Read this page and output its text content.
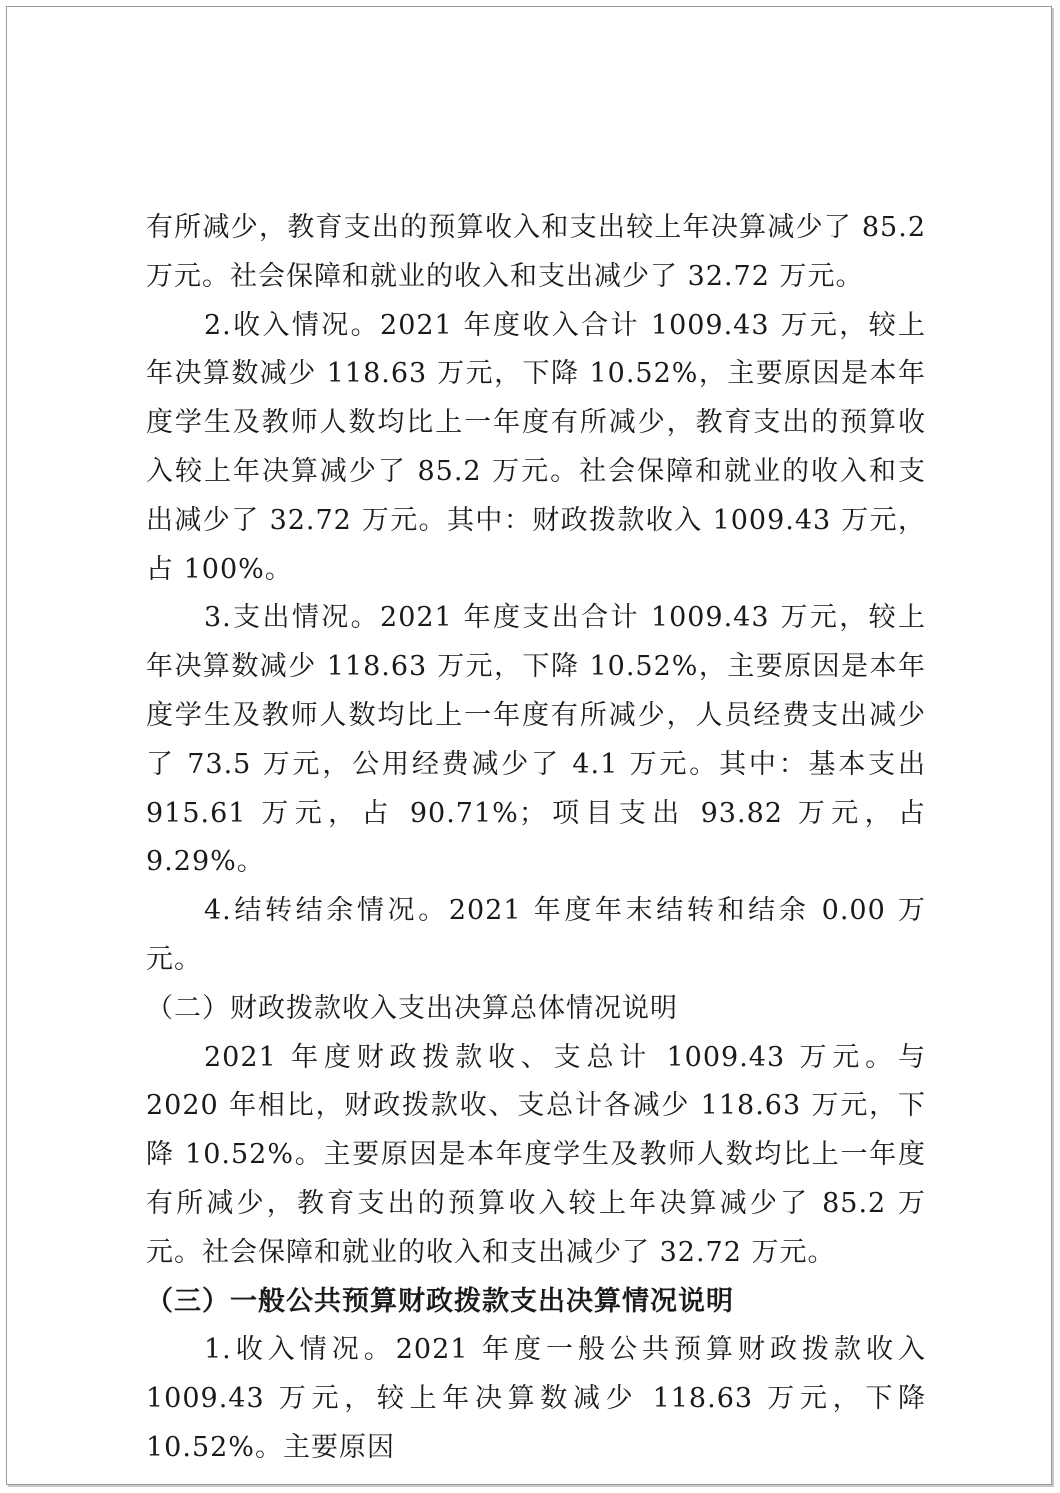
有所减少，教育支出的预算收入和支出较上年决算减少了 85.2 万元。社会保障和就业的收入和支出减少了 32.72 万元。

2.收入情况。2021 年度收入合计 1009.43 万元，较上年决算数减少 118.63 万元，下降 10.52%，主要原因是本年度学生及教师人数均比上一年度有所减少，教育支出的预算收入较上年决算减少了 85.2 万元。社会保障和就业的收入和支出减少了 32.72 万元。其中：财政拨款收入 1009.43 万元，占 100%。

3.支出情况。2021 年度支出合计 1009.43 万元，较上年决算数减少 118.63 万元，下降 10.52%，主要原因是本年度学生及教师人数均比上一年度有所减少，人员经费支出减少了 73.5 万元，公用经费减少了 4.1 万元。其中：基本支出 915.61 万元，占 90.71%；项目支出 93.82 万元，占 9.29%。

4.结转结余情况。2021 年度年末结转和结余 0.00 万元。

（二）财政拨款收入支出决算总体情况说明

2021 年度财政拨款收、支总计 1009.43 万元。与 2020 年相比，财政拨款收、支总计各减少 118.63 万元，下降 10.52%。主要原因是本年度学生及教师人数均比上一年度有所减少，教育支出的预算收入较上年决算减少了 85.2 万元。社会保障和就业的收入和支出减少了 32.72 万元。

（三）一般公共预算财政拨款支出决算情况说明

1.收入情况。2021 年度一般公共预算财政拨款收入 1009.43 万元，较上年决算数减少 118.63 万元，下降 10.52%。主要原因
